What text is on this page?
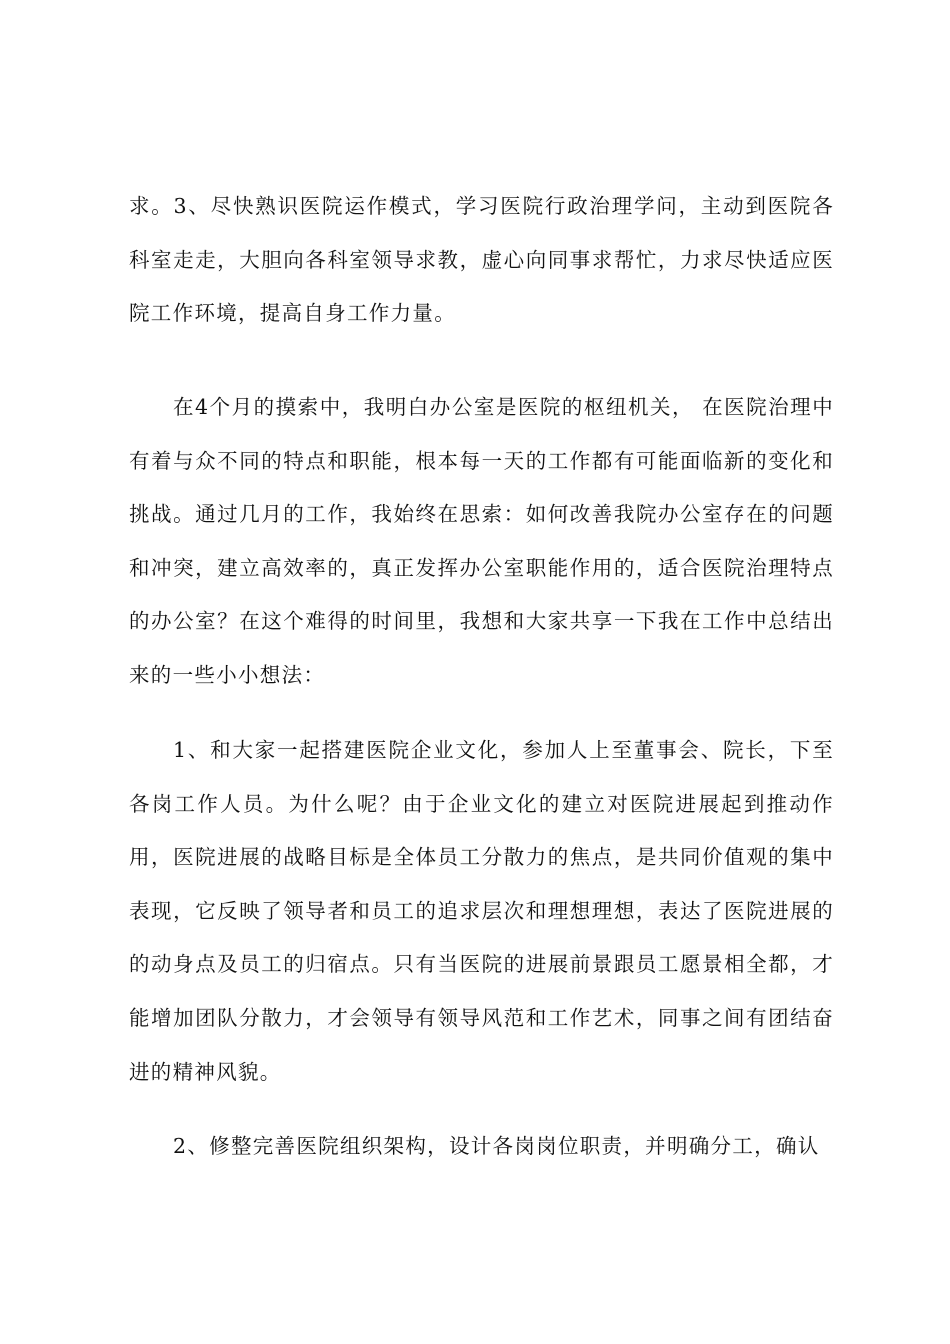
求。3、尽快熟识医院运作模式，学习医院行政治理学问，主动到医院各科室走走，大胆向各科室领导求教，虚心向同事求帮忙，力求尽快适应医院工作环境，提高自身工作力量。

在4个月的摸索中，我明白办公室是医院的枢纽机关， 在医院治理中有着与众不同的特点和职能，根本每一天的工作都有可能面临新的变化和挑战。通过几月的工作，我始终在思索：如何改善我院办公室存在的问题和冲突，建立高效率的，真正发挥办公室职能作用的，适合医院治理特点的办公室？在这个难得的时间里，我想和大家共享一下我在工作中总结出来的一些小小想法：

1、和大家一起搭建医院企业文化，参加人上至董事会、院长，下至各岗工作人员。为什么呢？由于企业文化的建立对医院进展起到推动作用，医院进展的战略目标是全体员工分散力的焦点，是共同价值观的集中表现，它反映了领导者和员工的追求层次和理想理想，表达了医院进展的的动身点及员工的归宿点。只有当医院的进展前景跟员工愿景相全都，才能增加团队分散力，才会领导有领导风范和工作艺术，同事之间有团结奋进的精神风貌。

2、修整完善医院组织架构，设计各岗岗位职责，并明确分工，确认
